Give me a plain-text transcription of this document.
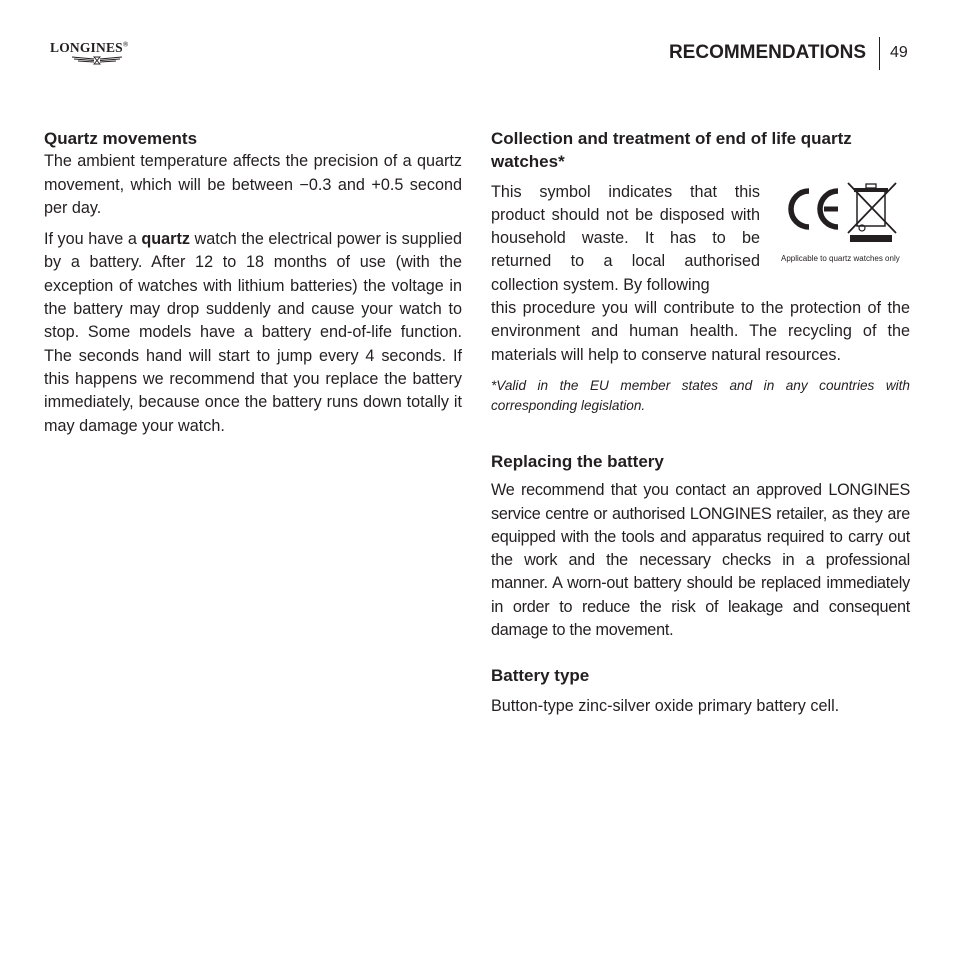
LONGINES®	RECOMMENDATIONS 49
Quartz movements

The ambient temperature affects the precision of a quartz movement, which will be between −0.3 and +0.5 second per day.

If you have a quartz watch the electrical power is supplied by a battery. After 12 to 18 months of use (with the exception of watches with lithium batteries) the voltage in the battery may drop suddenly and cause your watch to stop. Some models have a battery end-of-life function. The seconds hand will start to jump every 4 seconds. If this happens we recommend that you replace the battery immediately, because once the battery runs down totally it may damage your watch.

Collection and treatment of end of life quartz watches*

This symbol indicates that this product should not be disposed with household waste. It has to be returned to a local authorised collection system. By following

Applicable to quartz watches only

this procedure you will contribute to the protection of the environment and human health. The recycling of the materials will help to conserve natural resources.

*Valid in the EU member states and in any countries with corresponding legislation.
Replacing the battery

We recommend that you contact an approved LONGINES service centre or authorised LONGINES retailer, as they are equipped with the tools and apparatus required to carry out the work and the necessary checks in a professional manner. A worn-out battery should be replaced immediately in order to reduce the risk of leakage and consequent damage to the movement.

Battery type

Button-type zinc-silver oxide primary battery cell.
